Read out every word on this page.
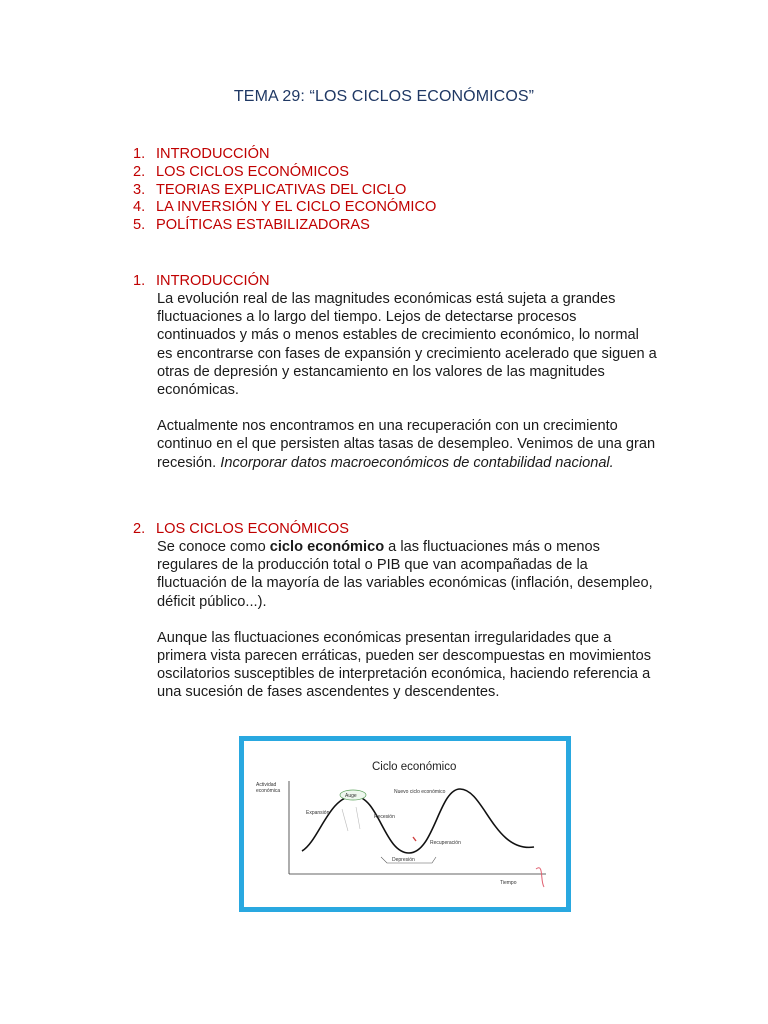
TEMA 29: “LOS CICLOS ECONÓMICOS”
1. INTRODUCCIÓN
2. LOS CICLOS ECONÓMICOS
3. TEORIAS EXPLICATIVAS DEL CICLO
4. LA INVERSIÓN Y EL CICLO ECONÓMICO
5. POLÍTICAS ESTABILIZADORAS
1. INTRODUCCIÓN

La evolución real de las magnitudes económicas está sujeta a grandes fluctuaciones a lo largo del tiempo. Lejos de detectarse procesos continuados y más o menos estables de crecimiento económico, lo normal es encontrarse con fases de expansión y crecimiento acelerado que siguen a otras de depresión y estancamiento en los valores de las magnitudes económicas.

Actualmente nos encontramos en una recuperación con un crecimiento continuo en el que persisten altas tasas de desempleo. Venimos de una gran recesión. Incorporar datos macroeconómicos de contabilidad nacional.

2. LOS CICLOS ECONÓMICOS

Se conoce como ciclo económico a las fluctuaciones más o menos regulares de la producción total o PIB que van acompañadas de la fluctuación de la mayoría de las variables económicas (inflación, desempleo, déficit público...).

Aunque las fluctuaciones económicas presentan irregularidades que a primera vista parecen erráticas, pueden ser descompuestas en movimientos oscilatorios susceptibles de interpretación económica, haciendo referencia a una sucesión de fases ascendentes y descendentes.

Ciclo económico
Actividad
económica
Tiempo
Auge
Expansión
Recesión
Depresión
Recuperación
Nuevo ciclo económico
